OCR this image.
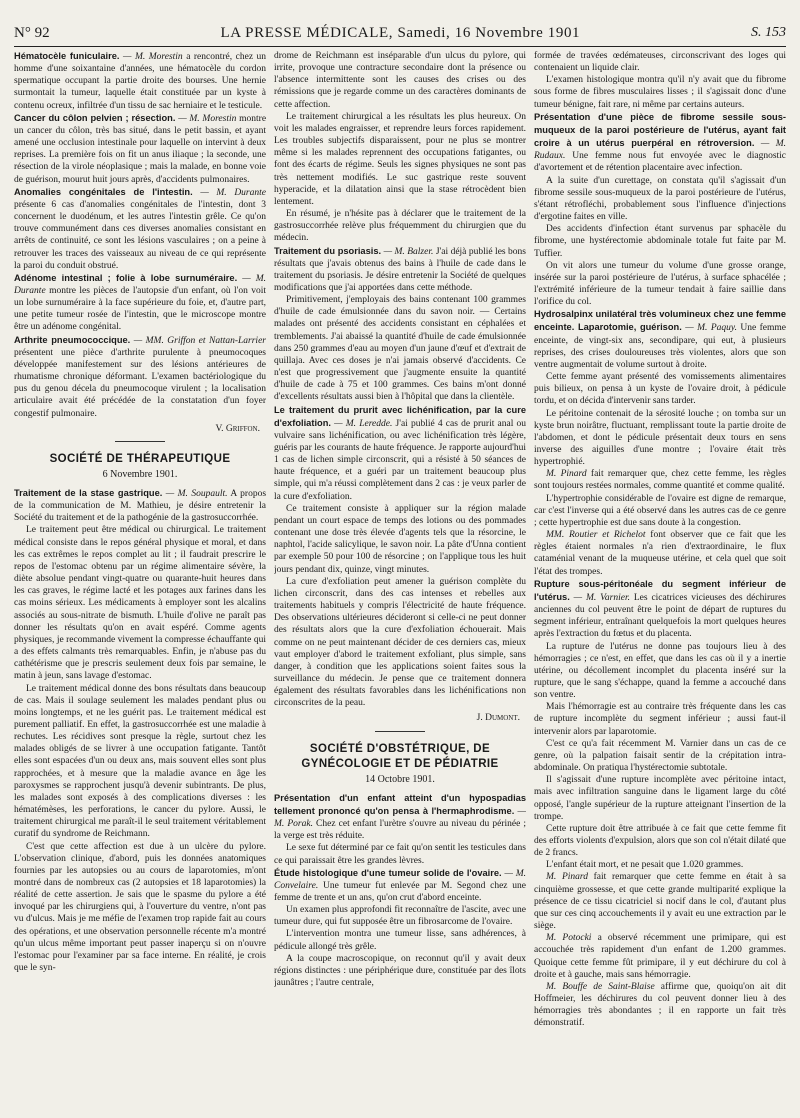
N° 92	LA PRESSE MÉDICALE, Samedi, 16 Novembre 1901	S. 153

Hématocèle funiculaire. — M. Morestin a rencontré, chez un homme d'une soixantaine d'années, une hématocèle du cordon spermatique occupant la partie droite des bourses. Une hernie surmontait la tumeur, laquelle était constituée par un kyste à contenu ocreux, infiltrée d'un tissu de sac herniaire et le testicule.

Cancer du côlon pelvien ; résection. — M. Morestin montre un cancer du côlon, très bas situé, dans le petit bassin, et ayant amené une occlusion intestinale pour laquelle on intervint à deux reprises. La première fois on fit un anus iliaque ; la seconde, une résection de la virole néoplasique ; mais la malade, en bonne voie de guérison, mourut huit jours après, d'accidents pulmonaires.

Anomalies congénitales de l'intestin. — M. Durante présente 6 cas d'anomalies congénitales de l'intestin, dont 3 concernent le duodénum, et les autres l'intestin grêle. Ce qu'on trouve communément dans ces diverses anomalies consistant en arrêts de continuité, ce sont les lésions vasculaires ; on a peine à retrouver les traces des vaisseaux au niveau de ce qui représente la paroi du conduit obstrué.

Adénome intestinal ; folie à lobe surnuméraire. — M. Durante montre les pièces de l'autopsie d'un enfant, où l'on voit un lobe surnuméraire à la face supérieure du foie, et, d'autre part, une petite tumeur rosée de l'intestin, que le microscope montre être un adénome congénital.

Arthrite pneumococcique. — MM. Griffon et Nattan-Larrier présentent une pièce d'arthrite purulente à pneumocoques développée manifestement sur des lésions antérieures de rhumatisme chronique déformant. L'examen bactériologique du pus du genou décela du pneumocoque virulent ; la localisation articulaire avait été précédée de la constatation d'un foyer congestif pulmonaire.

V. Griffon.
SOCIÉTÉ DE THÉRAPEUTIQUE
6 Novembre 1901.

Traitement de la stase gastrique. — M. Soupault. A propos de la communication de M. Mathieu, je désire entretenir la Société du traitement et de la pathogénie de la gastrosuccorrhée.

Le traitement peut être médical ou chirurgical. Le traitement médical consiste dans le repos général physique et moral, et dans les cas extrêmes le repos complet au lit ; il faudrait prescrire le repos de l'estomac obtenu par un régime alimentaire sévère, la diète absolue pendant vingt-quatre ou quarante-huit heures dans les cas graves, le régime lacté et les potages aux farines dans les cas moins sérieux. Les médicaments à employer sont les alcalins associés au sous-nitrate de bismuth. L'huile d'olive ne paraît pas donner les résultats qu'on en avait espéré. Comme agents physiques, je recommande vivement la compresse échauffante qui a des effets calmants très remarquables. Enfin, je n'abuse pas du cathétérisme que je prescris seulement deux fois par semaine, le matin à jeun, sans lavage d'estomac.

Le traitement médical donne des bons résultats dans beaucoup de cas. Mais il soulage seulement les malades pendant plus ou moins longtemps, et ne les guérit pas. Le traitement médical est purement palliatif. En effet, la gastrosuccorrhée est une maladie à rechutes. Les récidives sont presque la règle, surtout chez les malades obligés de se livrer à une occupation fatigante. Tantôt elles sont espacées d'un ou deux ans, mais souvent elles sont plus rapprochées, et à mesure que la maladie avance en âge les paroxysmes se rapprochent jusqu'à devenir subintrants. De plus, les malades sont exposés à des complications diverses : les hématémèses, les perforations, le cancer du pylore. Aussi, le traitement chirurgical me paraît-il le seul traitement véritablement curatif du syndrome de Reichmann.

C'est que cette affection est due à un ulcère du pylore. L'observation clinique, d'abord, puis les données anatomiques fournies par les autopsies ou au cours de laparotomies, m'ont montré dans de nombreux cas (2 autopsies et 18 laparotomies) la réalité de cette assertion. Je sais que le spasme du pylore a été invoqué par les chirurgiens qui, à l'ouverture du ventre, n'ont pas vu d'ulcus. Mais je me méfie de l'examen trop rapide fait au cours des opérations, et une observation personnelle récente m'a montré qu'un ulcus même important peut passer inaperçu si on n'ouvre l'estomac pour l'examiner par sa face interne. En réalité, je crois que le syn-

drome de Reichmann est inséparable d'un ulcus du pylore, qui irrite, provoque une contracture secondaire dont la présence ou l'absence intermittente sont les causes des crises ou des rémissions que je regarde comme un des caractères dominants de cette affection.

Le traitement chirurgical a les résultats les plus heureux. On voit les malades engraisser, et reprendre leurs forces rapidement. Les troubles subjectifs disparaissent, pour ne plus se montrer même si les malades reprennent des occupations fatigantes, ou font des écarts de régime. Seuls les signes physiques ne sont pas très nettement modifiés. Le suc gastrique reste souvent hyperacide, et la dilatation ainsi que la stase rétrocèdent bien lentement.

En résumé, je n'hésite pas à déclarer que le traitement de la gastrosuccorrhée relève plus fréquemment du chirurgien que du médecin.

Traitement du psoriasis. — M. Balzer. J'ai déjà publié les bons résultats que j'avais obtenus des bains à l'huile de cade dans le traitement du psoriasis. Je désire entretenir la Société de quelques modifications que j'ai apportées dans cette méthode.

Primitivement, j'employais des bains contenant 100 grammes d'huile de cade émulsionnée dans du savon noir. — Certains malades ont présenté des accidents consistant en céphalées et tremblements. J'ai abaissé la quantité d'huile de cade émulsionnée dans 250 grammes d'eau au moyen d'un jaune d'œuf et d'extrait de quillaja. Avec ces doses je n'ai jamais observé d'accidents. Ce n'est que progressivement que j'augmente ensuite la quantité d'huile de cade à 75 et 100 grammes. Ces bains m'ont donné d'excellents résultats aussi bien à l'hôpital que dans la clientèle.

Le traitement du prurit avec lichénification, par la cure d'exfoliation. — M. Leredde. J'ai publié 4 cas de prurit anal ou vulvaire sans lichénification, ou avec lichénification très légère, guéris par les courants de haute fréquence. Je rapporte aujourd'hui 1 cas de lichen simple circonscrit, qui a résisté à 50 séances de haute fréquence, et a guéri par un traitement beaucoup plus simple, qui m'a réussi complètement dans 2 cas : je veux parler de la cure d'exfoliation.

Ce traitement consiste à appliquer sur la région malade pendant un court espace de temps des lotions ou des pommades contenant une dose très élevée d'agents tels que la résorcine, le naphtol, l'acide salicylique, le savon noir. La pâte d'Unna contient par exemple 50 pour 100 de résorcine ; on l'applique tous les huit jours pendant dix, quinze, vingt minutes.

La cure d'exfoliation peut amener la guérison complète du lichen circonscrit, dans des cas intenses et rebelles aux traitements habituels y compris l'électricité de haute fréquence. Des observations ultérieures décideront si celle-ci ne peut donner des résultats alors que la cure d'exfoliation échouerait. Mais comme on ne peut maintenant décider de ces derniers cas, mieux vaut employer d'abord le traitement exfoliant, plus simple, sans danger, à condition que les applications soient faites sous la surveillance du médecin. Je pense que ce traitement donnera également des résultats favorables dans les lichénifications non circonscrites de la peau.

J. Dumont.
SOCIÉTÉ D'OBSTÉTRIQUE, DE GYNÉCOLOGIE ET DE PÉDIATRIE
14 Octobre 1901.

Présentation d'un enfant atteint d'un hypospadias tellement prononcé qu'on pensa à l'hermaphrodisme. — M. Porak. Chez cet enfant l'urètre s'ouvre au niveau du périnée ; la verge est très réduite.

Le sexe fut déterminé par ce fait qu'on sentit les testicules dans ce qui paraissait être les grandes lèvres.

Étude histologique d'une tumeur solide de l'ovaire. — M. Convelaire. Une tumeur fut enlevée par M. Segond chez une femme de trente et un ans, qu'on crut d'abord enceinte.

Un examen plus approfondi fit reconnaître de l'ascite, avec une tumeur dure, qui fut supposée être un fibrosarcome de l'ovaire.

L'intervention montra une tumeur lisse, sans adhérences, à pédicule allongé très grêle.

A la coupe macroscopique, on reconnut qu'il y avait deux régions distinctes : une périphérique dure, constituée par des îlots jaunâtres ; l'autre centrale,

formée de travées œdémateuses, circonscrivant des loges qui contenaient un liquide clair.

L'examen histologique montra qu'il n'y avait que du fibrome sous forme de fibres musculaires lisses ; il s'agissait donc d'une tumeur bénigne, fait rare, ni même par certains auteurs.

Présentation d'une pièce de fibrome sessile sous-muqueux de la paroi postérieure de l'utérus, ayant fait croire à un utérus puerpéral en rétroversion. — M. Rudaux. Une femme nous fut envoyée avec le diagnostic d'avortement et de rétention placentaire avec infection.

A la suite d'un curettage, on constata qu'il s'agissait d'un fibrome sessile sous-muqueux de la paroi postérieure de l'utérus, s'étant rétrofléchi, probablement sous l'influence d'injections d'ergotine faites en ville.

Des accidents d'infection étant survenus par sphacèle du fibrome, une hystérectomie abdominale totale fut faite par M. Tuffier.

On vit alors une tumeur du volume d'une grosse orange, insérée sur la paroi postérieure de l'utérus, à surface sphacélée ; l'extrémité inférieure de la tumeur tendait à faire saillie dans l'orifice du col.

Hydrosalpinx unilatéral très volumineux chez une femme enceinte. Laparotomie, guérison. — M. Paquy. Une femme enceinte, de vingt-six ans, secondipare, qui eut, à plusieurs reprises, des crises douloureuses très violentes, alors que son ventre augmentait de volume surtout à droite.

Cette femme ayant présenté des vomissements alimentaires puis bilieux, on pensa à un kyste de l'ovaire droit, à pédicule tordu, et on décida d'intervenir sans tarder.

Le péritoine contenait de la sérosité louche ; on tomba sur un kyste brun noirâtre, fluctuant, remplissant toute la partie droite de l'abdomen, et dont le pédicule présentait deux tours en sens inverse des aiguilles d'une montre ; l'ovaire était très hypertrophié.

M. Pinard fait remarquer que, chez cette femme, les règles sont toujours restées normales, comme quantité et comme qualité.

L'hypertrophie considérable de l'ovaire est digne de remarque, car c'est l'inverse qui a été observé dans les autres cas de ce genre ; cette hypertrophie est due sans doute à la congestion.

MM. Routier et Richelot font observer que ce fait que les règles étaient normales n'a rien d'extraordinaire, le flux cataménial venant de la muqueuse utérine, et cela quel que soit l'état des trompes.

Rupture sous-péritonéale du segment inférieur de l'utérus. — M. Varnier. Les cicatrices vicieuses des déchirures anciennes du col peuvent être le point de départ de ruptures du segment inférieur, entraînant quelquefois la mort quelques heures après l'extraction du fœtus et du placenta.

La rupture de l'utérus ne donne pas toujours lieu à des hémorragies ; ce n'est, en effet, que dans les cas où il y a inertie utérine, ou décollement incomplet du placenta inséré sur la rupture, que le sang s'échappe, quand la femme a accouché dans son ventre.

Mais l'hémorragie est au contraire très fréquente dans les cas de rupture incomplète du segment inférieur ; aussi faut-il intervenir alors par laparotomie.

C'est ce qu'a fait récemment M. Varnier dans un cas de ce genre, où la palpation faisait sentir de la crépitation intra-abdominale. On pratiqua l'hystérectomie subtotale.

Il s'agissait d'une rupture incomplète avec péritoine intact, mais avec infiltration sanguine dans le ligament large du côté opposé, l'angle supérieur de la rupture atteignant l'insertion de la trompe.

Cette rupture doit être attribuée à ce fait que cette femme fit des efforts violents d'expulsion, alors que son col n'était dilaté que de 2 francs.

L'enfant était mort, et ne pesait que 1.020 grammes.

M. Pinard fait remarquer que cette femme en était à sa cinquième grossesse, et que cette grande multiparité explique la présence de ce tissu cicatriciel si nocif dans le col, d'autant plus que sur ces cinq accouchements il y avait eu une extraction par le siège.

M. Potocki a observé récemment une primipare, qui est accouchée très rapidement d'un enfant de 1.200 grammes. Quoique cette femme fût primipare, il y eut déchirure du col à droite et à gauche, mais sans hémorragie.

M. Bouffe de Saint-Blaise affirme que, quoiqu'on ait dit Hoffmeier, les déchirures du col peuvent donner lieu à des hémorragies très abondantes ; il en rapporte un fait très démonstratif.
